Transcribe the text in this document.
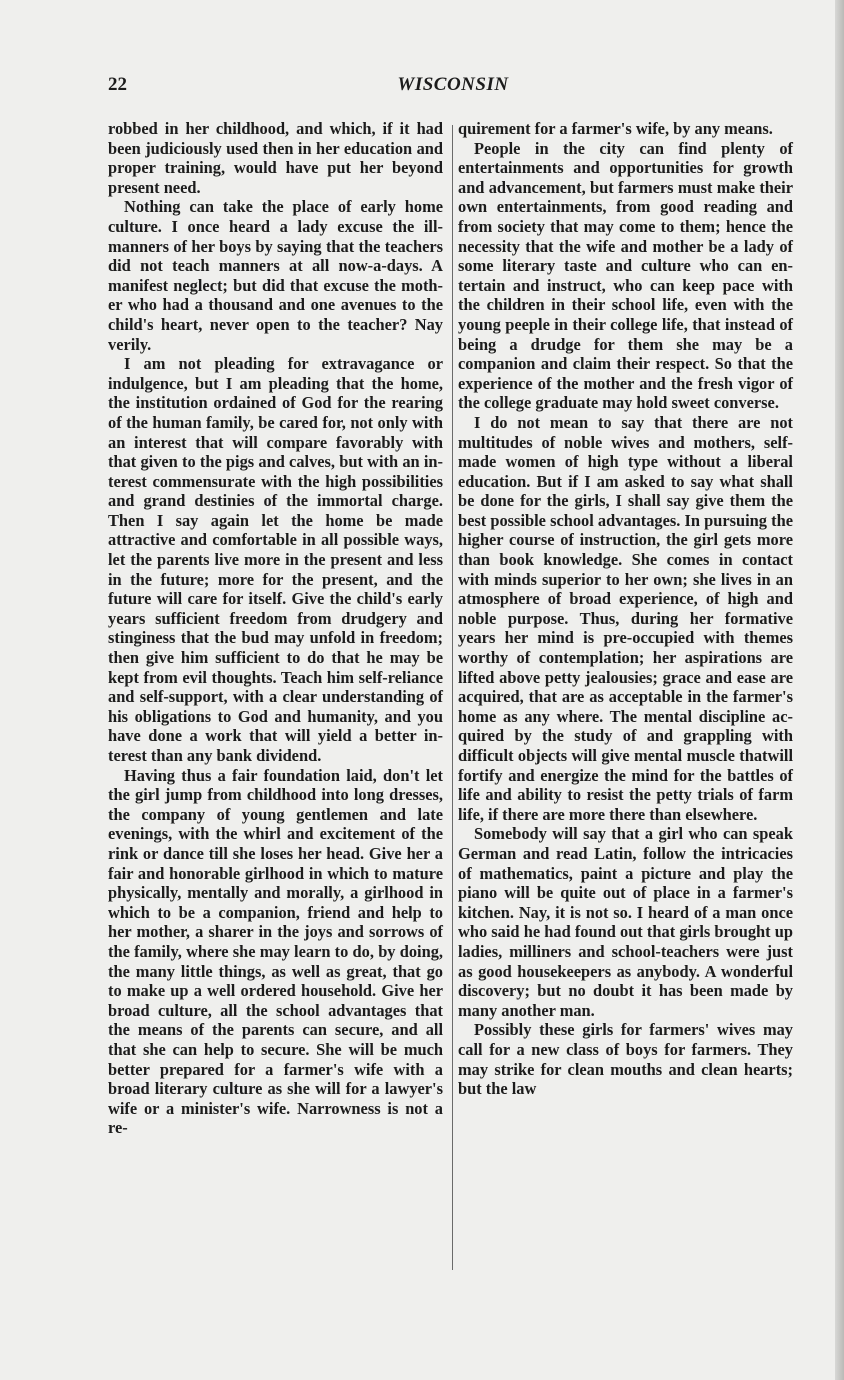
22	WISCONSIN

robbed in her childhood, and which, if it had been judiciously used then in her education and proper training, would have put her beyond present need.

Nothing can take the place of early home culture. I once heard a lady excuse the ill-manners of her boys by saying that the teachers did not teach manners at all now-a-days. A manifest neglect; but did that excuse the mother who had a thousand and one avenues to the child's heart, never open to the teacher? Nay verily.

I am not pleading for extravagance or indulgence, but I am pleading that the home, the institution ordained of God for the rearing of the human family, be cared for, not only with an interest that will compare favorably with that given to the pigs and calves, but with an interest commensurate with the high possibilities and grand destinies of the immortal charge. Then I say again let the home be made attractive and comfortable in all possible ways, let the parents live more in the present and less in the future; more for the present, and the future will care for itself. Give the child's early years sufficient freedom from drudgery and stinginess that the bud may unfold in freedom; then give him sufficient to do that he may be kept from evil thoughts. Teach him self-reliance and self-support, with a clear understanding of his obligations to God and humanity, and you have done a work that will yield a better interest than any bank dividend.

Having thus a fair foundation laid, don't let the girl jump from childhood into long dresses, the company of young gentlemen and late evenings, with the whirl and excitement of the rink or dance till she loses her head. Give her a fair and honorable girlhood in which to mature physically, mentally and morally, a girlhood in which to be a companion, friend and help to her mother, a sharer in the joys and sorrows of the family, where she may learn to do, by doing, the many little things, as well as great, that go to make up a well ordered household. Give her broad culture, all the school advantages that the means of the parents can secure, and all that she can help to secure. She will be much better prepared for a farmer's wife with a broad literary culture as she will for a lawyer's wife or a minister's wife. Narrowness is not a re-

quirement for a farmer's wife, by any means.

People in the city can find plenty of entertainments and opportunities for growth and advancement, but farmers must make their own entertainments, from good reading and from society that may come to them; hence the necessity that the wife and mother be a lady of some literary taste and culture who can entertain and instruct, who can keep pace with the children in their school life, even with the young peeple in their college life, that instead of being a drudge for them she may be a companion and claim their respect. So that the experience of the mother and the fresh vigor of the college graduate may hold sweet converse.

I do not mean to say that there are not multitudes of noble wives and mothers, self-made women of high type without a liberal education. But if I am asked to say what shall be done for the girls, I shall say give them the best possible school advantages. In pursuing the higher course of instruction, the girl gets more than book knowledge. She comes in contact with minds superior to her own; she lives in an atmosphere of broad experience, of high and noble purpose. Thus, during her formative years her mind is pre-occupied with themes worthy of contemplation; her aspirations are lifted above petty jealousies; grace and ease are acquired, that are as acceptable in the farmer's home as any where. The mental discipline acquired by the study of and grappling with difficult objects will give mental muscle thatwill fortify and energize the mind for the battles of life and ability to resist the petty trials of farm life, if there are more there than elsewhere.

Somebody will say that a girl who can speak German and read Latin, follow the intricacies of mathematics, paint a picture and play the piano will be quite out of place in a farmer's kitchen. Nay, it is not so. I heard of a man once who said he had found out that girls brought up ladies, milliners and school-teachers were just as good housekeepers as anybody. A wonderful discovery; but no doubt it has been made by many another man.

Possibly these girls for farmers' wives may call for a new class of boys for farmers. They may strike for clean mouths and clean hearts; but the law
